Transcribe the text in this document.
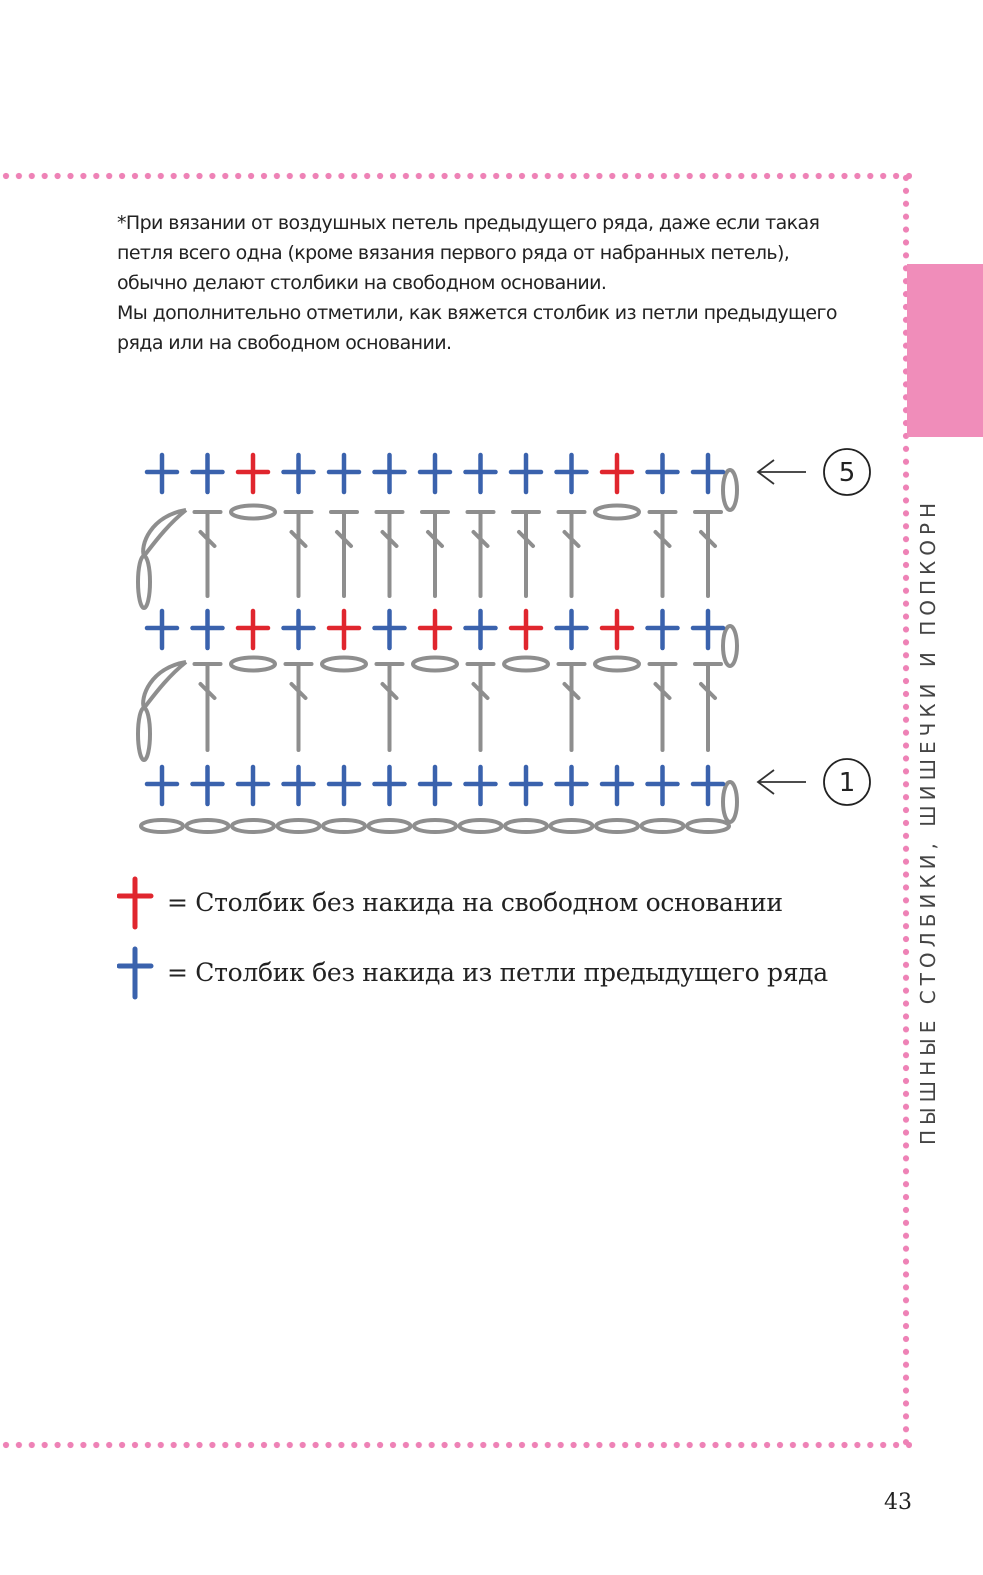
ПЫШНЫЕ СТОЛБИКИ, ШИШЕЧКИ И ПОПКОРН

*При вязании от воздушных петель предыдущего ряда, даже если такая

петля всего одна (кроме вязания первого ряда от набранных петель),

обычно делают столбики на свободном основании.

Мы дополнительно отметили, как вяжется столбик из петли предыдущего

ряда или на свободном основании.

5
1
= Столбик без накида на свободном основании
= Столбик без накида из петли предыдущего ряда
43
